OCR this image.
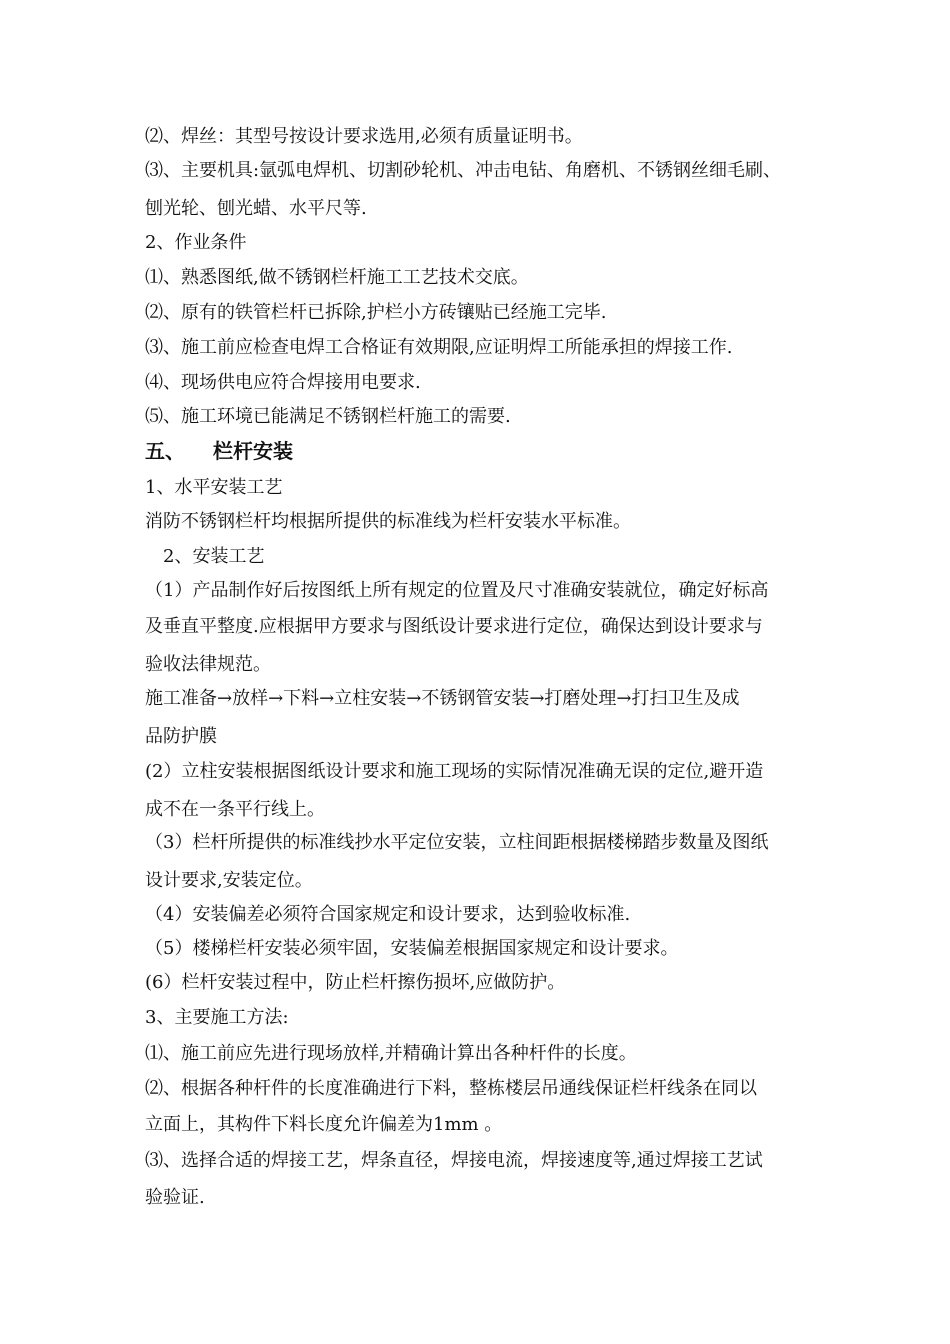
⑵、焊丝：其型号按设计要求选用,必须有质量证明书。
⑶、主要机具:氩弧电焊机、切割砂轮机、冲击电钻、角磨机、不锈钢丝细毛刷、
刨光轮、刨光蜡、水平尺等.
2、作业条件
⑴、熟悉图纸,做不锈钢栏杆施工工艺技术交底。
⑵、原有的铁管栏杆已拆除,护栏小方砖镶贴已经施工完毕.
⑶、施工前应检查电焊工合格证有效期限,应证明焊工所能承担的焊接工作.
⑷、现场供电应符合焊接用电要求.
⑸、施工环境已能满足不锈钢栏杆施工的需要.
五、 栏杆安装
1、水平安装工艺
消防不锈钢栏杆均根据所提供的标准线为栏杆安装水平标准。
2、安装工艺
（1）产品制作好后按图纸上所有规定的位置及尺寸准确安装就位，确定好标高
及垂直平整度.应根据甲方要求与图纸设计要求进行定位，确保达到设计要求与
验收法律规范。
施工准备→放样→下料→立柱安装→不锈钢管安装→打磨处理→打扫卫生及成
品防护膜
(2）立柱安装根据图纸设计要求和施工现场的实际情况准确无误的定位,避开造
成不在一条平行线上。
（3）栏杆所提供的标准线抄水平定位安装，立柱间距根据楼梯踏步数量及图纸
设计要求,安装定位。
（4）安装偏差必须符合国家规定和设计要求，达到验收标准.
（5）楼梯栏杆安装必须牢固，安装偏差根据国家规定和设计要求。
(6）栏杆安装过程中，防止栏杆擦伤损坏,应做防护。
3、主要施工方法:
⑴、施工前应先进行现场放样,并精确计算出各种杆件的长度。
⑵、根据各种杆件的长度准确进行下料，整栋楼层吊通线保证栏杆线条在同以
立面上，其构件下料长度允许偏差为1mm 。
⑶、选择合适的焊接工艺，焊条直径，焊接电流，焊接速度等,通过焊接工艺试
验验证.
